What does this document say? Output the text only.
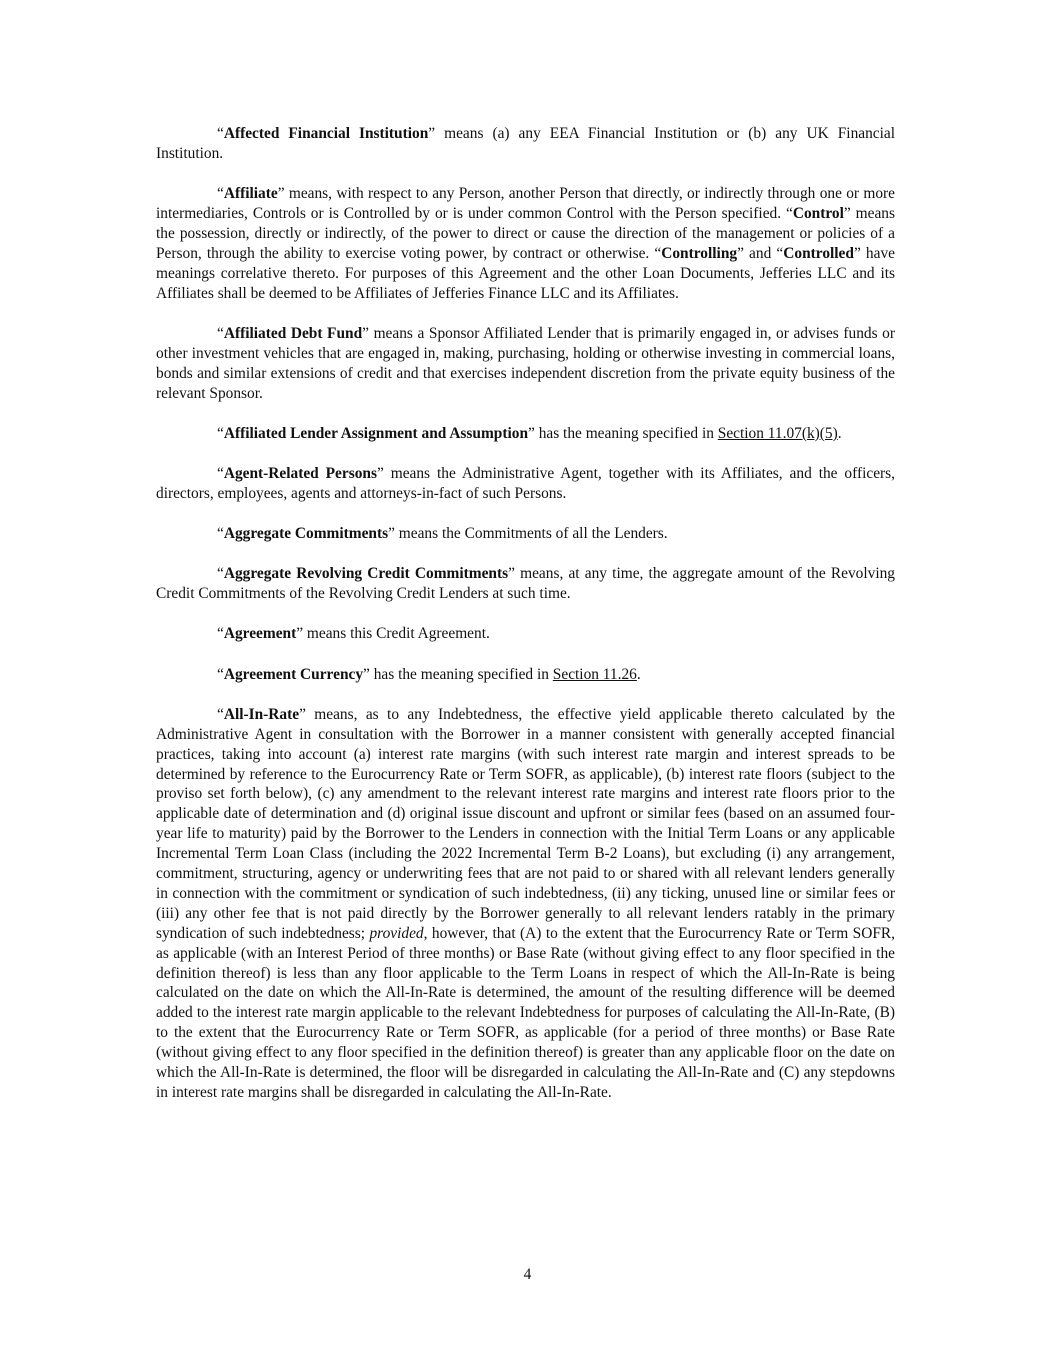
“Affected Financial Institution” means (a) any EEA Financial Institution or (b) any UK Financial Institution.

“Affiliate” means, with respect to any Person, another Person that directly, or indirectly through one or more intermediaries, Controls or is Controlled by or is under common Control with the Person specified. “Control” means the possession, directly or indirectly, of the power to direct or cause the direction of the management or policies of a Person, through the ability to exercise voting power, by contract or otherwise. “Controlling” and “Controlled” have meanings correlative thereto. For purposes of this Agreement and the other Loan Documents, Jefferies LLC and its Affiliates shall be deemed to be Affiliates of Jefferies Finance LLC and its Affiliates.

“Affiliated Debt Fund” means a Sponsor Affiliated Lender that is primarily engaged in, or advises funds or other investment vehicles that are engaged in, making, purchasing, holding or otherwise investing in commercial loans, bonds and similar extensions of credit and that exercises independent discretion from the private equity business of the relevant Sponsor.

“Affiliated Lender Assignment and Assumption” has the meaning specified in Section 11.07(k)(5).

“Agent-Related Persons” means the Administrative Agent, together with its Affiliates, and the officers, directors, employees, agents and attorneys-in-fact of such Persons.

“Aggregate Commitments” means the Commitments of all the Lenders.

“Aggregate Revolving Credit Commitments” means, at any time, the aggregate amount of the Revolving Credit Commitments of the Revolving Credit Lenders at such time.

“Agreement” means this Credit Agreement.

“Agreement Currency” has the meaning specified in Section 11.26.

“All-In-Rate” means, as to any Indebtedness, the effective yield applicable thereto calculated by the Administrative Agent in consultation with the Borrower in a manner consistent with generally accepted financial practices, taking into account (a) interest rate margins (with such interest rate margin and interest spreads to be determined by reference to the Eurocurrency Rate or Term SOFR, as applicable), (b) interest rate floors (subject to the proviso set forth below), (c) any amendment to the relevant interest rate margins and interest rate floors prior to the applicable date of determination and (d) original issue discount and upfront or similar fees (based on an assumed four-year life to maturity) paid by the Borrower to the Lenders in connection with the Initial Term Loans or any applicable Incremental Term Loan Class (including the 2022 Incremental Term B-2 Loans), but excluding (i) any arrangement, commitment, structuring, agency or underwriting fees that are not paid to or shared with all relevant lenders generally in connection with the commitment or syndication of such indebtedness, (ii) any ticking, unused line or similar fees or (iii) any other fee that is not paid directly by the Borrower generally to all relevant lenders ratably in the primary syndication of such indebtedness; provided, however, that (A) to the extent that the Eurocurrency Rate or Term SOFR, as applicable (with an Interest Period of three months) or Base Rate (without giving effect to any floor specified in the definition thereof) is less than any floor applicable to the Term Loans in respect of which the All-In-Rate is being calculated on the date on which the All-In-Rate is determined, the amount of the resulting difference will be deemed added to the interest rate margin applicable to the relevant Indebtedness for purposes of calculating the All-In-Rate, (B) to the extent that the Eurocurrency Rate or Term SOFR, as applicable (for a period of three months) or Base Rate (without giving effect to any floor specified in the definition thereof) is greater than any applicable floor on the date on which the All-In-Rate is determined, the floor will be disregarded in calculating the All-In-Rate and (C) any stepdowns in interest rate margins shall be disregarded in calculating the All-In-Rate.

4
